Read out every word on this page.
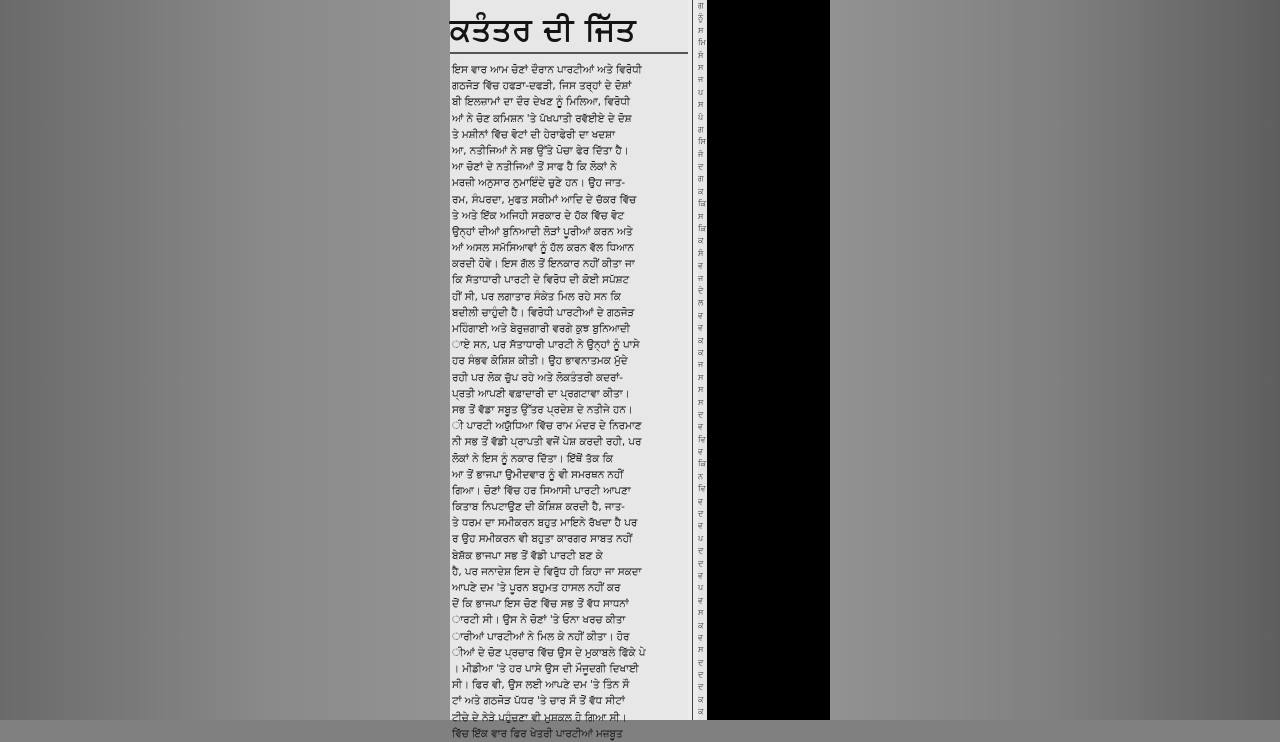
ਕਤੰਤਰ ਦੀ ਜਿੱਤ
ਇਸ ਵਾਰ ਆਮ ਚੋਣਾਂ ਦੌਰਾਨ ਪਾਰਟੀਆਂ ਅਤੇ ਵਿਰੋਧੀ
ਗਠਜੋੜ ਵਿੱਚ ਹਫੜਾ-ਦਫੜੀ, ਜਿਸ ਤਰ੍ਹਾਂ ਦੇ ਦੋਸ਼ਾਂ
ਬੀ ਇਲਜ਼ਾਮਾਂ ਦਾ ਦੌਰ ਦੇਖਣ ਨੂੰ ਮਿਲਿਆ, ਵਿਰੋਧੀ
ਆਂ ਨੇ ਚੋਣ ਕਮਿਸ਼ਨ 'ਤੇ ਪੱਖਪਾਤੀ ਰਵੱਈਏ ਦੇ ਦੋਸ਼
ਤੇ ਮਸ਼ੀਨਾਂ ਵਿੱਚ ਵੋਟਾਂ ਦੀ ਹੇਰਾਫੇਰੀ ਦਾ ਖਦਸ਼ਾ
ਆ, ਨਤੀਜਿਆਂ ਨੇ ਸਭ ਉੱਤੇ ਪੋਚਾ ਫੇਰ ਦਿੱਤਾ ਹੈ।
ਆ ਚੋਣਾਂ ਦੇ ਨਤੀਜਿਆਂ ਤੋਂ ਸਾਫ ਹੈ ਕਿ ਲੋਕਾਂ ਨੇ
ਮਰਜ਼ੀ ਅਨੁਸਾਰ ਨੁਮਾਇੰਦੇ ਚੁਣੇ ਹਨ। ਉਹ ਜਾਤ-
ਰਮ, ਸੰਪਰਦਾ, ਮੁਫਤ ਸਕੀਮਾਂ ਆਦਿ ਦੇ ਚੱਕਰ ਵਿੱਚ
ਤੇ ਅਤੇ ਇੱਕ ਅਜਿਹੀ ਸਰਕਾਰ ਦੇ ਹੱਕ ਵਿੱਚ ਵੋਟ
ਉਨ੍ਹਾਂ ਦੀਆਂ ਬੁਨਿਆਦੀ ਲੋੜਾਂ ਪੂਰੀਆਂ ਕਰਨ ਅਤੇ
ਆਂ ਅਸਲ ਸਮੱਸਿਆਵਾਂ ਨੂੰ ਹੱਲ ਕਰਨ ਵੱਲ ਧਿਆਨ
ਕਰਦੀ ਹੋਵੇ। ਇਸ ਗੱਲ ਤੋਂ ਇਨਕਾਰ ਨਹੀਂ ਕੀਤਾ ਜਾ
ਕਿ ਸੱਤਾਧਾਰੀ ਪਾਰਟੀ ਦੇ ਵਿਰੋਧ ਦੀ ਕੋਈ ਸਪੱਸ਼ਟ
ਹੀਂ ਸੀ, ਪਰ ਲਗਾਤਾਰ ਸੰਕੇਤ ਮਿਲ ਰਹੇ ਸਨ ਕਿ
ਬਦੀਲੀ ਚਾਹੁੰਦੀ ਹੈ। ਵਿਰੋਧੀ ਪਾਰਟੀਆਂ ਦੇ ਗਠਜੋੜ
ਮਹਿੰਗਾਈ ਅਤੇ ਬੇਰੁਜ਼ਗਾਰੀ ਵਰਗੇ ਕੁਝ ਬੁਨਿਆਦੀ
ਾਏ ਸਨ, ਪਰ ਸੱਤਾਧਾਰੀ ਪਾਰਟੀ ਨੇ ਉਨ੍ਹਾਂ ਨੂੰ ਪਾਸੇ
ਹਰ ਸੰਭਵ ਕੋਸ਼ਿਸ਼ ਕੀਤੀ। ਉਹ ਭਾਵਨਾਤਮਕ ਮੁੱਦੇ
ਰਹੀ ਪਰ ਲੋਕ ਚੁੱਪ ਰਹੇ ਅਤੇ ਲੋਕਤੰਤਰੀ ਕਦਰਾਂ-
ਪ੍ਰਤੀ ਆਪਣੀ ਵਫ਼ਾਦਾਰੀ ਦਾ ਪ੍ਰਗਟਾਵਾ ਕੀਤਾ।
ਸਭ ਤੋਂ ਵੱਡਾ ਸਬੂਤ ਉੱਤਰ ਪ੍ਰਦੇਸ਼ ਦੇ ਨਤੀਜੇ ਹਨ।
ੀ ਪਾਰਟੀ ਅਯੁੱਧਿਆ ਵਿੱਚ ਰਾਮ ਮੰਦਰ ਦੇ ਨਿਰਮਾਣ
ਨੀ ਸਭ ਤੋਂ ਵੱਡੀ ਪ੍ਰਾਪਤੀ ਵਜੋਂ ਪੇਸ਼ ਕਰਦੀ ਰਹੀ, ਪਰ
ਲੋਕਾਂ ਨੇ ਇਸ ਨੂੰ ਨਕਾਰ ਦਿੱਤਾ। ਇੱਥੋਂ ਤੱਕ ਕਿ
ਆ ਤੋਂ ਭਾਜਪਾ ਉਮੀਦਵਾਰ ਨੂੰ ਵੀ ਸਮਰਥਨ ਨਹੀਂ
ਗਿਆ। ਚੋਣਾਂ ਵਿੱਚ ਹਰ ਸਿਆਸੀ ਪਾਰਟੀ ਆਪਣਾ
ਕਿਤਾਬ ਨਿਪਟਾਉਣ ਦੀ ਕੋਸ਼ਿਸ਼ ਕਰਦੀ ਹੈ, ਜਾਤ-
ਤੇ ਧਰਮ ਦਾ ਸਮੀਕਰਨ ਬਹੁਤ ਮਾਇਨੇ ਰੱਖਦਾ ਹੈ ਪਰ
ਰ ਉਹ ਸਮੀਕਰਨ ਵੀ ਬਹੁਤਾ ਕਾਰਗਰ ਸਾਬਤ ਨਹੀਂ
ਬੇਸ਼ੱਕ ਭਾਜਪਾ ਸਭ ਤੋਂ ਵੱਡੀ ਪਾਰਟੀ ਬਣ ਕੇ
ਹੈ, ਪਰ ਜਨਾਦੇਸ਼ ਇਸ ਦੇ ਵਿਰੁੱਧ ਹੀ ਕਿਹਾ ਜਾ ਸਕਦਾ
ਆਪਣੇ ਦਮ 'ਤੇ ਪੂਰਨ ਬਹੁਮਤ ਹਾਸਲ ਨਹੀਂ ਕਰ
ਦੋਂ ਕਿ ਭਾਜਪਾ ਇਸ ਚੋਣ ਵਿੱਚ ਸਭ ਤੋਂ ਵੱਧ ਸਾਧਨਾਂ
ਾਰਟੀ ਸੀ। ਉਸ ਨੇ ਚੋਣਾਂ 'ਤੇ ਓਨਾ ਖਰਚ ਕੀਤਾ
ਾਰੀਆਂ ਪਾਰਟੀਆਂ ਨੇ ਮਿਲ ਕੇ ਨਹੀਂ ਕੀਤਾ। ਹੋਰ
ੀਆਂ ਦੇ ਚੋਣ ਪ੍ਰਚਾਰ ਵਿੱਚ ਉਸ ਦੇ ਮੁਕਾਬਲੇ ਫਿੱਕੇ ਪੇ
। ਮੀਡੀਆ 'ਤੇ ਹਰ ਪਾਸੇ ਉਸ ਦੀ ਮੌਜੂਦਗੀ ਦਿਖਾਈ
ਸੀ। ਫਿਰ ਵੀ, ਉਸ ਲਈ ਆਪਣੇ ਦਮ 'ਤੇ ਤਿੰਨ ਸੌ
ਟਾਂ ਅਤੇ ਗਠਜੋੜ ਪੱਧਰ 'ਤੇ ਚਾਰ ਸੌ ਤੋਂ ਵੱਧ ਸੀਟਾਂ
ਟੀਚੇ ਦੇ ਨੇੜੇ ਪਹੁੰਚਣਾ ਵੀ ਮੁਸ਼ਕਲ ਹੋ ਗਿਆ ਸੀ।
ਵਿੱਚ ਇੱਕ ਵਾਰ ਫਿਰ ਖੇਤਰੀ ਪਾਰਟੀਆਂ ਮਜ਼ਬੂਤ
ਗ
ਨੂੰ
ਸ
ਮਿ
ਸੋ
ਸ
ਜ
ਪ
ਸ
ਪੰ
ਗ
ਸਿ
ਜੰ
ਦ
ਗ
ਕ
ਕਿ
ਸ
ਕਿ
ਕ
ਸੰ
ਵ
ਜ
ਦੇ
ਲ
ਵ
ਵ
ਕ
ਕ
ਜ
ਸ
ਸ
ਸ
ਦ
ਵ
ਵਿ
ਵ
ਕਿ
ਨ
ਵਿ
ਵ
ਦ
ਵ
ਪ
ਦ
ਦ
ਵ
ਪ
ਵ
ਸ
ਕ
ਵ
ਸ
ਦ
ਦ
ਦ
ਕ
ਕ
